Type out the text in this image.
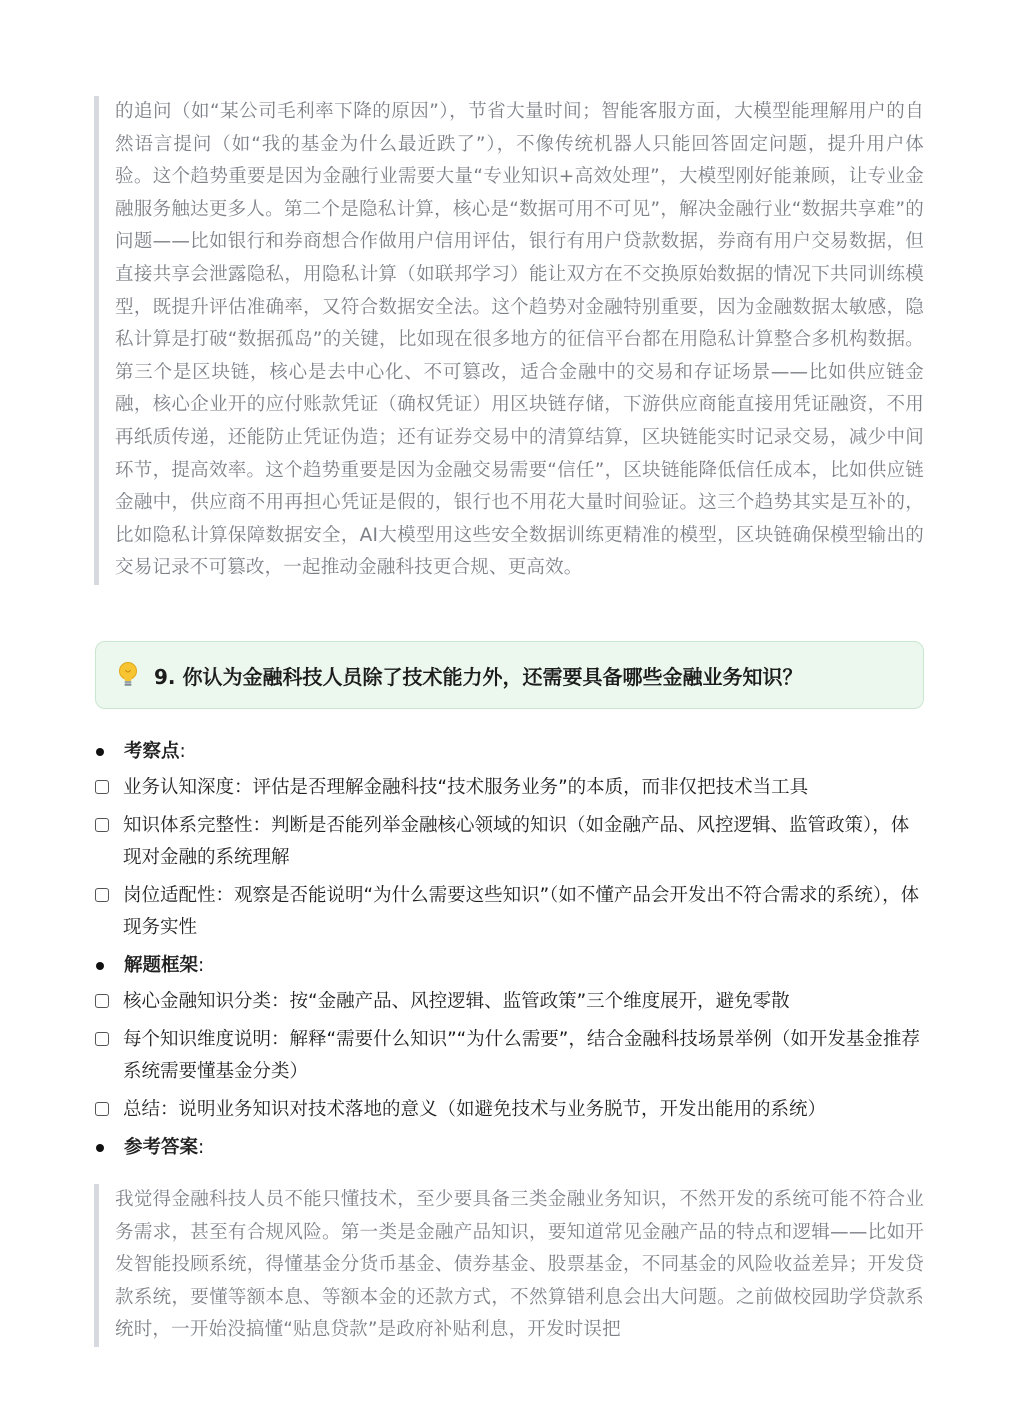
的追问（如“某公司毛利率下降的原因”），节省大量时间；智能客服方面，大模型能理解用户的自然语言提问（如“我的基金为什么最近跌了”），不像传统机器人只能回答固定问题，提升用户体验。这个趋势重要是因为金融行业需要大量“专业知识+高效处理”，大模型刚好能兼顾，让专业金融服务触达更多人。第二个是隐私计算，核心是“数据可用不可见”，解决金融行业“数据共享难”的问题——比如银行和券商想合作做用户信用评估，银行有用户贷款数据，券商有用户交易数据，但直接共享会泄露隐私，用隐私计算（如联邦学习）能让双方在不交换原始数据的情况下共同训练模型，既提升评估准确率，又符合数据安全法。这个趋势对金融特别重要，因为金融数据太敏感，隐私计算是打破“数据孤岛”的关键，比如现在很多地方的征信平台都在用隐私计算整合多机构数据。第三个是区块链，核心是去中心化、不可篡改，适合金融中的交易和存证场景——比如供应链金融，核心企业开的应付账款凭证（确权凭证）用区块链存储，下游供应商能直接用凭证融资，不用再纸质传递，还能防止凭证伪造；还有证券交易中的清算结算，区块链能实时记录交易，减少中间环节，提高效率。这个趋势重要是因为金融交易需要“信任”，区块链能降低信任成本，比如供应链金融中，供应商不用再担心凭证是假的，银行也不用花大量时间验证。这三个趋势其实是互补的，比如隐私计算保障数据安全，AI大模型用这些安全数据训练更精准的模型，区块链确保模型输出的交易记录不可篡改，一起推动金融科技更合规、更高效。

9. 你认为金融科技人员除了技术能力外，还需要具备哪些金融业务知识？
考察点:
业务认知深度：评估是否理解金融科技“技术服务业务”的本质，而非仅把技术当工具
知识体系完整性：判断是否能列举金融核心领域的知识（如金融产品、风控逻辑、监管政策），体现对金融的系统理解
岗位适配性：观察是否能说明“为什么需要这些知识”（如不懂产品会开发出不符合需求的系统），体现务实性
解题框架:
核心金融知识分类：按“金融产品、风控逻辑、监管政策”三个维度展开，避免零散
每个知识维度说明：解释“需要什么知识”“为什么需要”，结合金融科技场景举例（如开发基金推荐系统需要懂基金分类）
总结：说明业务知识对技术落地的意义（如避免技术与业务脱节，开发出能用的系统）
参考答案:

我觉得金融科技人员不能只懂技术，至少要具备三类金融业务知识，不然开发的系统可能不符合业务需求，甚至有合规风险。第一类是金融产品知识，要知道常见金融产品的特点和逻辑——比如开发智能投顾系统，得懂基金分货币基金、债券基金、股票基金，不同基金的风险收益差异；开发贷款系统，要懂等额本息、等额本金的还款方式，不然算错利息会出大问题。之前做校园助学贷款系统时，一开始没搞懂“贴息贷款”是政府补贴利息，开发时误把
